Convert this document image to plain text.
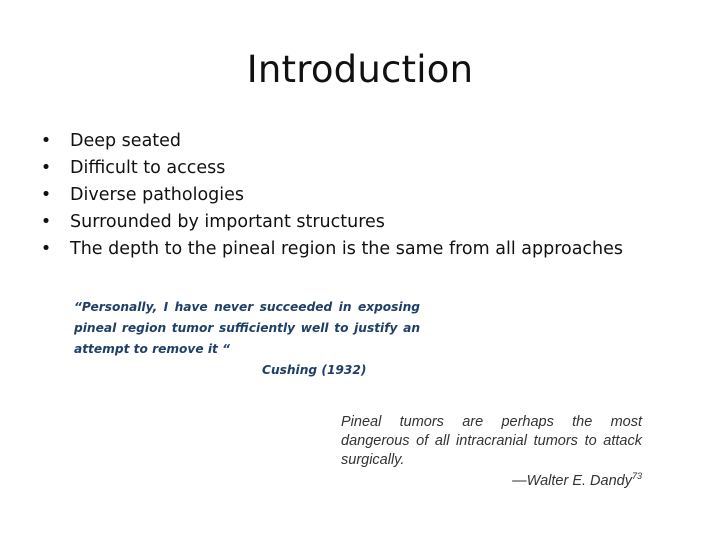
Introduction
• Deep seated
• Difficult to access
• Diverse pathologies
• Surrounded by important structures
• The depth to the pineal region is the same from all approaches

“Personally, I have never succeeded in exposing pineal region tumor sufficiently well to justify an attempt to remove it “

Cushing (1932)

Pineal tumors are perhaps the most dangerous of all intracranial tumors to attack surgically.

—Walter E. Dandy$^{73}$
